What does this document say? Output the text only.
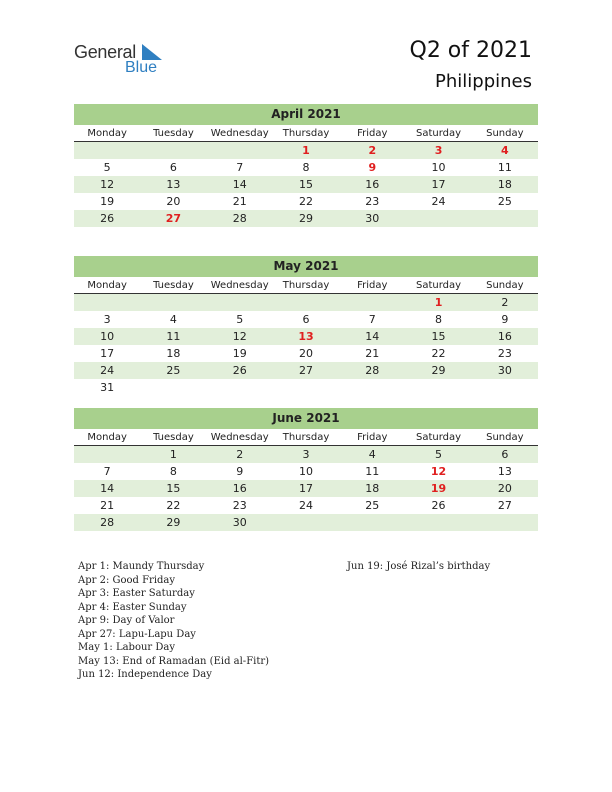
General
Blue
Q2 of 2021
Philippines
April 2021
Monday	Tuesday	Wednesday	Thursday	Friday	Saturday	Sunday
			1	2	3	4
5	6	7	8	9	10	11
12	13	14	15	16	17	18
19	20	21	22	23	24	25
26	27	28	29	30		
May 2021
Monday	Tuesday	Wednesday	Thursday	Friday	Saturday	Sunday
					1	2
3	4	5	6	7	8	9
10	11	12	13	14	15	16
17	18	19	20	21	22	23
24	25	26	27	28	29	30
31						
June 2021
Monday	Tuesday	Wednesday	Thursday	Friday	Saturday	Sunday
	1	2	3	4	5	6
7	8	9	10	11	12	13
14	15	16	17	18	19	20
21	22	23	24	25	26	27
28	29	30				
Apr 1: Maundy Thursday
Apr 2: Good Friday
Apr 3: Easter Saturday
Apr 4: Easter Sunday
Apr 9: Day of Valor
Apr 27: Lapu-Lapu Day
May 1: Labour Day
May 13: End of Ramadan (Eid al-Fitr)
Jun 12: Independence Day
Jun 19: José Rizal’s birthday
